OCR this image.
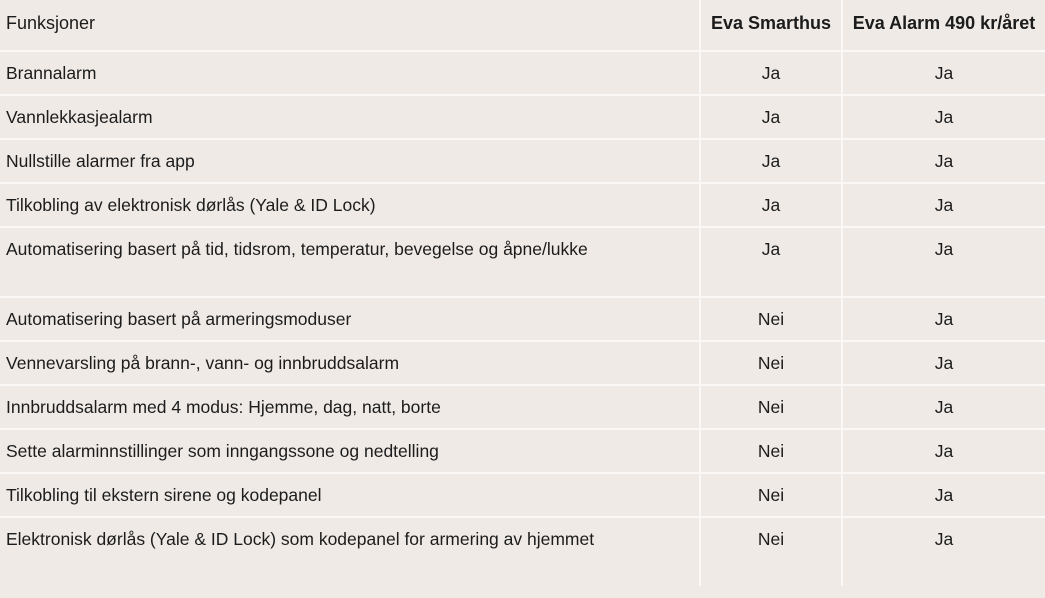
Funksjoner	Eva Smarthus	Eva Alarm 490 kr/året
Brannalarm	Ja	Ja
Vannlekkasjealarm	Ja	Ja
Nullstille alarmer fra app	Ja	Ja
Tilkobling av elektronisk dørlås (Yale & ID Lock)	Ja	Ja
Automatisering basert på tid, tidsrom, temperatur, bevegelse og åpne/lukke	Ja	Ja
Automatisering basert på armeringsmoduser	Nei	Ja
Vennevarsling på brann-, vann- og innbruddsalarm	Nei	Ja
Innbruddsalarm med 4 modus: Hjemme, dag, natt, borte	Nei	Ja
Sette alarminnstillinger som inngangssone og nedtelling	Nei	Ja
Tilkobling til ekstern sirene og kodepanel	Nei	Ja
Elektronisk dørlås (Yale & ID Lock) som kodepanel for armering av hjemmet	Nei	Ja
